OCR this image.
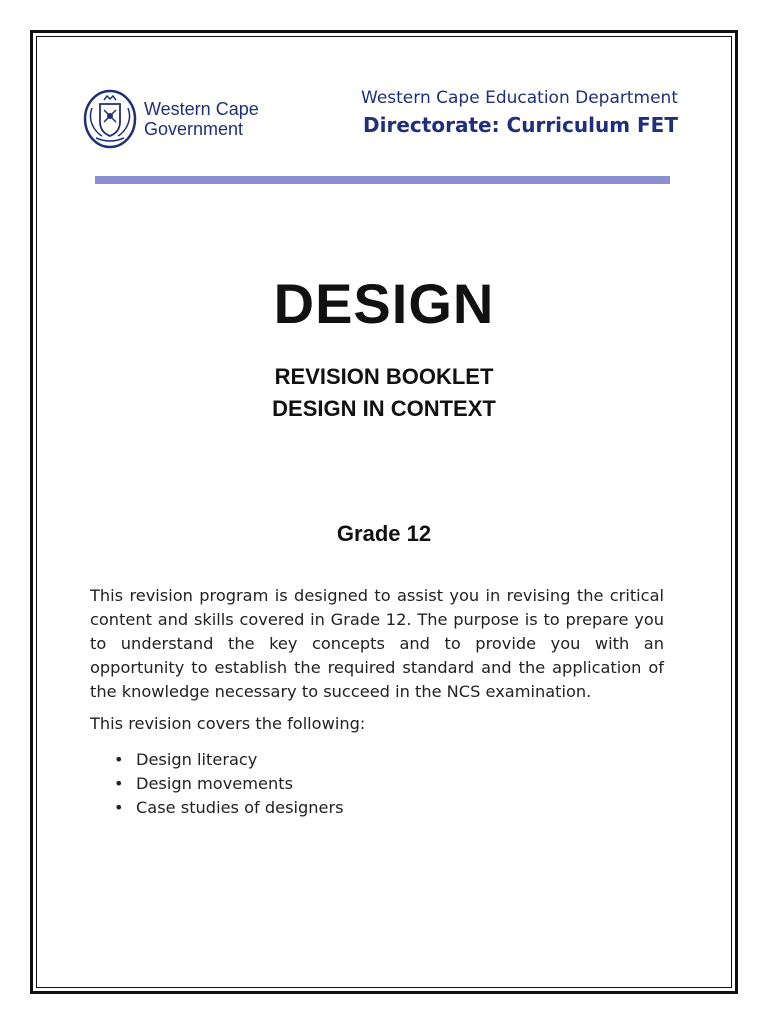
Western Cape
Government
Western Cape Education Department
Directorate: Curriculum FET
DESIGN
REVISION BOOKLET
DESIGN IN CONTEXT
Grade 12

This revision program is designed to assist you in revising the critical content and skills covered in Grade 12. The purpose is to prepare you to understand the key concepts and to provide you with an opportunity to establish the required standard and the application of the knowledge necessary to succeed in the NCS examination.

This revision covers the following:

• Design literacy
• Design movements
• Case studies of designers
